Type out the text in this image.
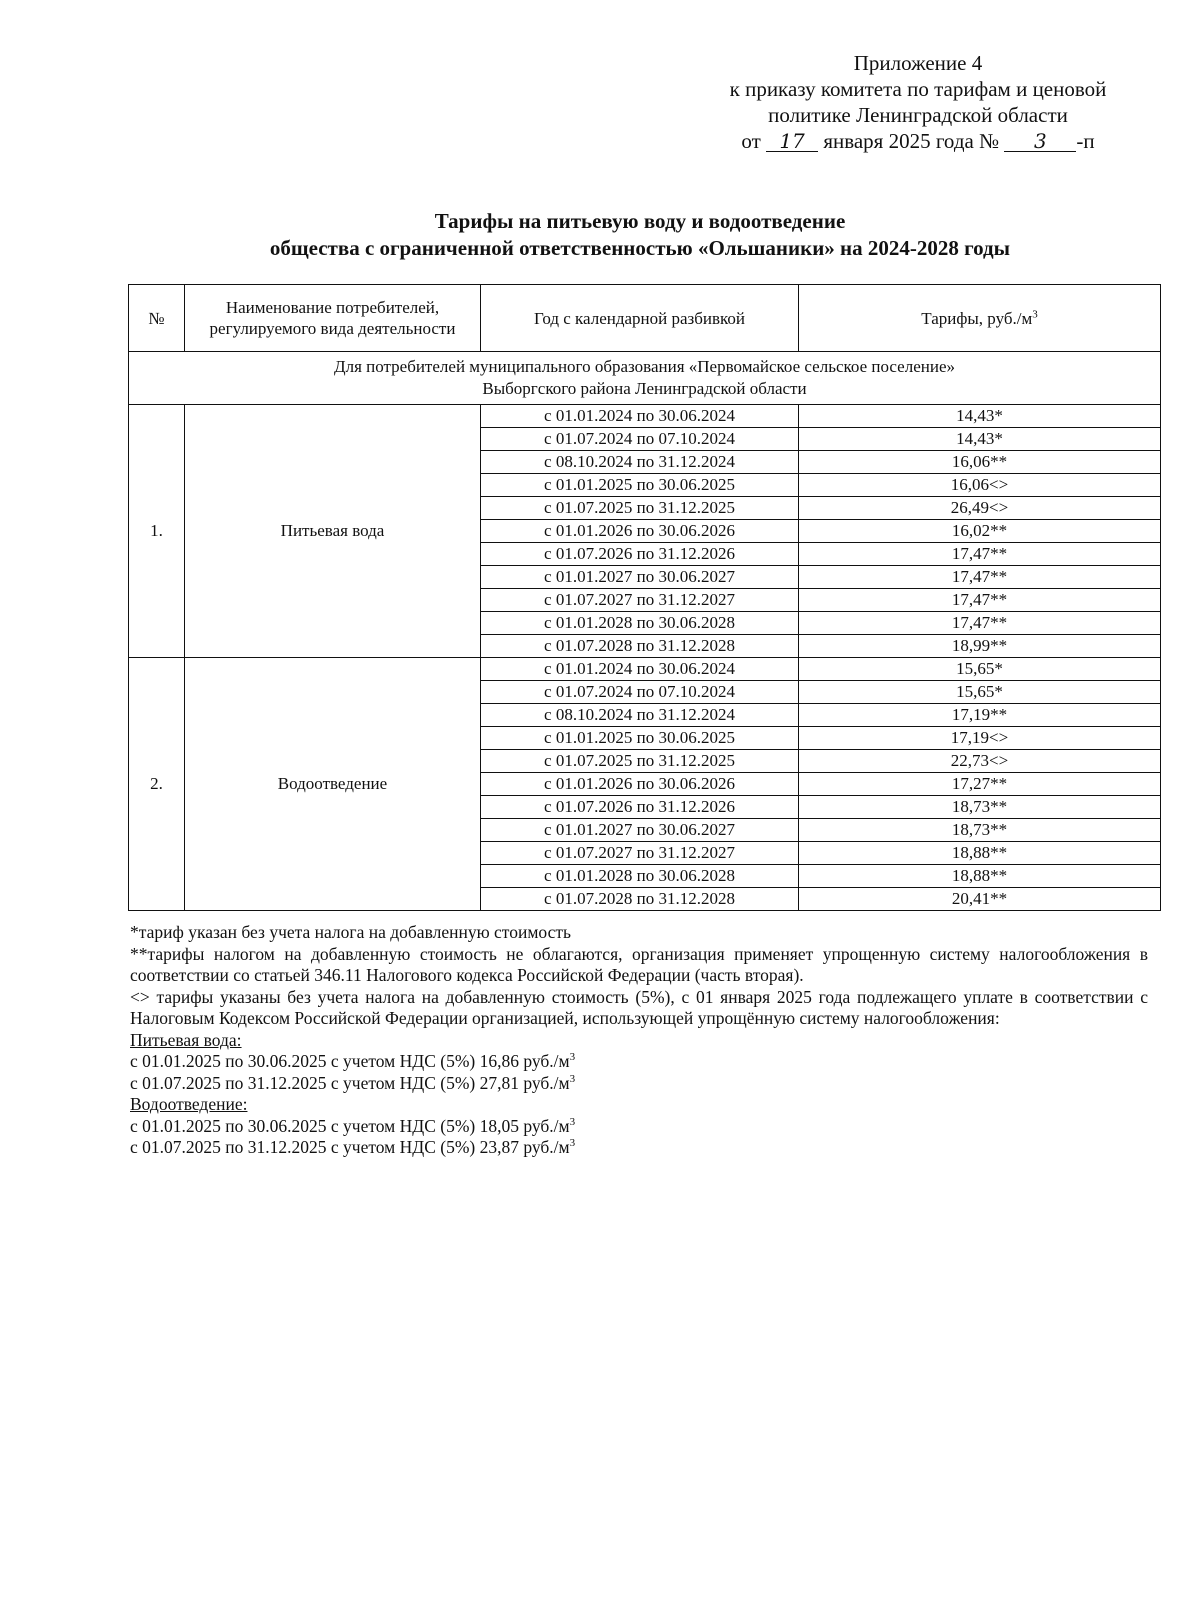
Приложение 4
к приказу комитета по тарифам и ценовой
политике Ленинградской области
от 17 января 2025 года № 3 -п
Тарифы на питьевую воду и водоотведение
общества с ограниченной ответственностью «Ольшаники» на 2024-2028 годы
№	Наименование потребителей, регулируемого вида деятельности	Год с календарной разбивкой	Тарифы, $руб./м^3$

Для потребителей муниципального образования «Первомайское сельское поселение»
Выборгского района Ленинградской области			

1.	Питьевая вода	с 01.01.2024 по 30.06.2024	14,43*
		с 01.07.2024 по 07.10.2024	14,43*
		с 08.10.2024 по 31.12.2024	16,06**
		с 01.01.2025 по 30.06.2025	16,06<>
		с 01.07.2025 по 31.12.2025	26,49<>
		с 01.01.2026 по 30.06.2026	16,02**
		с 01.07.2026 по 31.12.2026	17,47**
		с 01.01.2027 по 30.06.2027	17,47**
		с 01.07.2027 по 31.12.2027	17,47**
		с 01.01.2028 по 30.06.2028	17,47**
		с 01.07.2028 по 31.12.2028	18,99**
2.	Водоотведение	с 01.01.2024 по 30.06.2024	15,65*
		с 01.07.2024 по 07.10.2024	15,65*
		с 08.10.2024 по 31.12.2024	17,19**
		с 01.01.2025 по 30.06.2025	17,19<>
		с 01.07.2025 по 31.12.2025	22,73<>
		с 01.01.2026 по 30.06.2026	17,27**
		с 01.07.2026 по 31.12.2026	18,73**
		с 01.01.2027 по 30.06.2027	18,73**
		с 01.07.2027 по 31.12.2027	18,88**
		с 01.01.2028 по 30.06.2028	18,88**
		с 01.07.2028 по 31.12.2028	20,41**

*тариф указан без учета налога на добавленную стоимость

**тарифы налогом на добавленную стоимость не облагаются, организация применяет упрощенную систему налогообложения в соответствии со статьей 346.11 Налогового кодекса Российской Федерации (часть вторая).

<> тарифы указаны без учета налога на добавленную стоимость (5%), с 01 января 2025 года подлежащего уплате в соответствии с Налоговым Кодексом Российской Федерации организацией, использующей упрощённую систему налогообложения:

Питьевая вода:

с 01.01.2025 по 30.06.2025 с учетом НДС (5%) 16,86 $руб./м^3$

с 01.07.2025 по 31.12.2025 с учетом НДС (5%) 27,81 $руб./м^3$

Водоотведение:

с 01.01.2025 по 30.06.2025 с учетом НДС (5%) 18,05 $руб./м^3$

с 01.07.2025 по 31.12.2025 с учетом НДС (5%) 23,87 $руб./м^3$
